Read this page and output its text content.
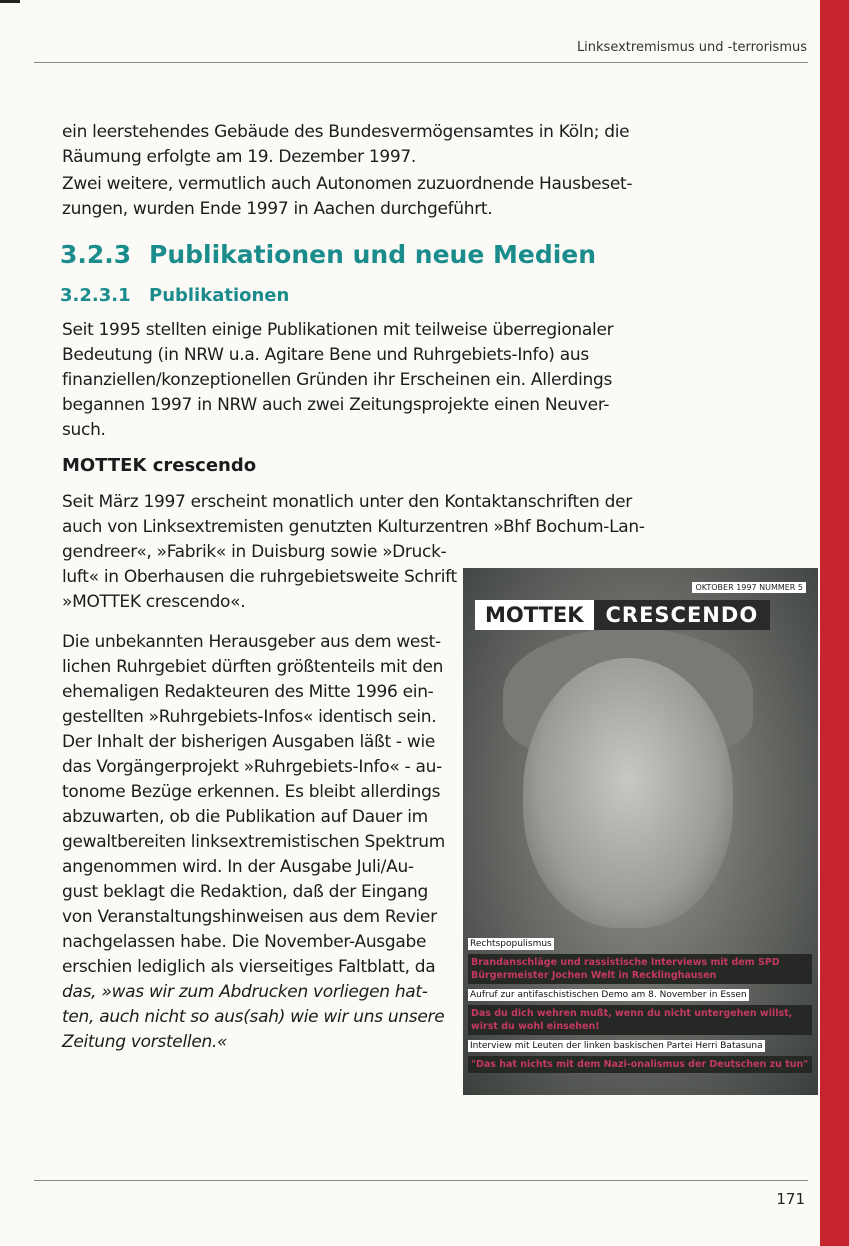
Linksextremismus und -terrorismus
ein leerstehendes Gebäude des Bundesvermögensamtes in Köln; die
Räumung erfolgte am 19. Dezember 1997.
Zwei weitere, vermutlich auch Autonomen zuzuordnende Hausbeset-
zungen, wurden Ende 1997 in Aachen durchgeführt.
3.2.3 Publikationen und neue Medien
3.2.3.1 Publikationen
Seit 1995 stellten einige Publikationen mit teilweise überregionaler
Bedeutung (in NRW u.a. Agitare Bene und Ruhrgebiets-Info) aus
finanziellen/konzeptionellen Gründen ihr Erscheinen ein. Allerdings
begannen 1997 in NRW auch zwei Zeitungsprojekte einen Neuver-
such.
MOTTEK crescendo
Seit März 1997 erscheint monatlich unter den Kontaktanschriften der
auch von Linksextremisten genutzten Kulturzentren »Bhf Bochum-Lan-
gendreer«, »Fabrik« in Duisburg sowie »Druck-
luft« in Oberhausen die ruhrgebietsweite Schrift
»MOTTEK crescendo«.
Die unbekannten Herausgeber aus dem west-
lichen Ruhrgebiet dürften größtenteils mit den
ehemaligen Redakteuren des Mitte 1996 ein-
gestellten »Ruhrgebiets-Infos« identisch sein.
Der Inhalt der bisherigen Ausgaben läßt - wie
das Vorgängerprojekt »Ruhrgebiets-Info« - au-
tonome Bezüge erkennen. Es bleibt allerdings
abzuwarten, ob die Publikation auf Dauer im
gewaltbereiten linksextremistischen Spektrum
angenommen wird. In der Ausgabe Juli/Au-
gust beklagt die Redaktion, daß der Eingang
von Veranstaltungshinweisen aus dem Revier
nachgelassen habe. Die November-Ausgabe
erschien lediglich als vierseitiges Faltblatt, da
das, »was wir zum Abdrucken vorliegen hat-
ten, auch nicht so aus(sah) wie wir uns unsere
Zeitung vorstellen.«
OKTOBER 1997 NUMMER 5
MOTTEK	CRESCENDO
Rechtspopulismus
Brandanschläge und rassistische Interviews mit dem SPD Bürgermeister Jochen Welt in Recklinghausen
Aufruf zur antifaschistischen Demo am 8. November in Essen
Das du dich wehren mußt, wenn du nicht untergehen willst, wirst du wohl einsehen!
Interview mit Leuten der linken baskischen Partei Herri Batasuna
"Das hat nichts mit dem Nazi-onalismus der Deutschen zu tun"
171
